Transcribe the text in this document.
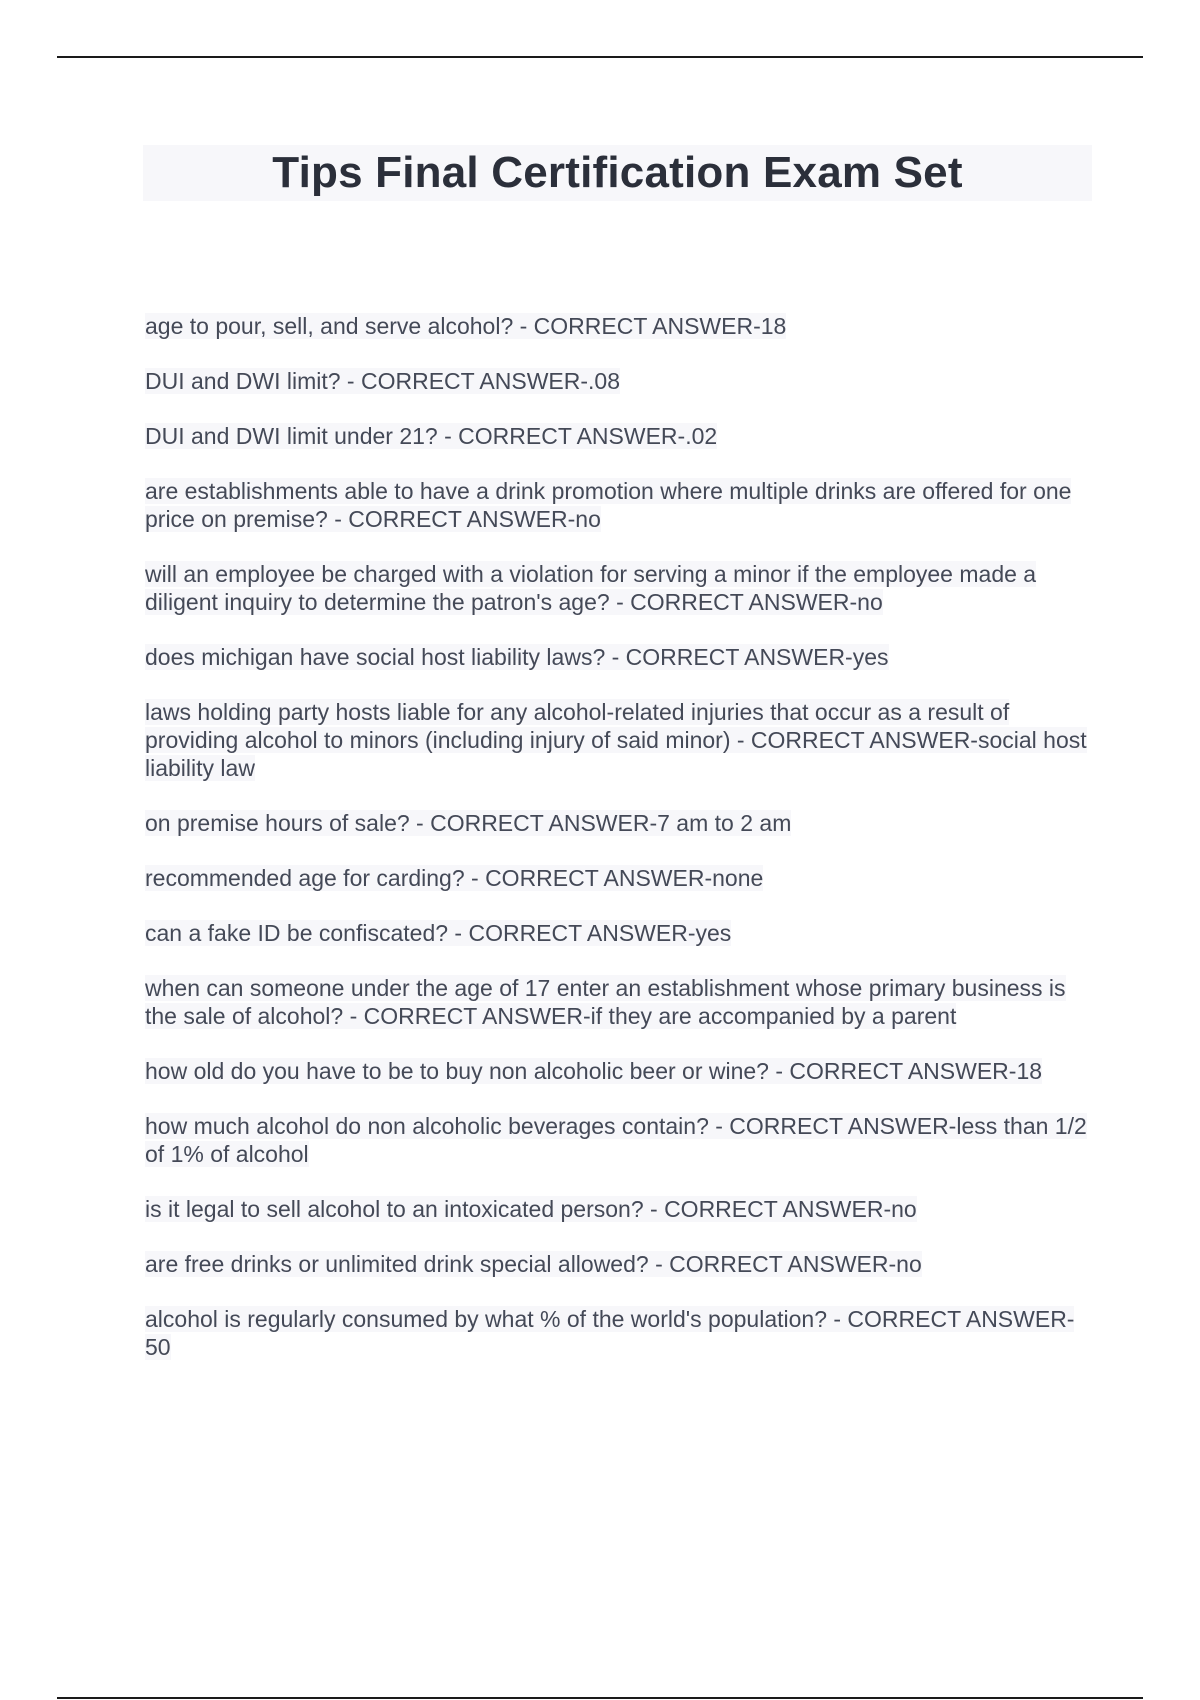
Tips Final Certification Exam Set
age to pour, sell, and serve alcohol? - CORRECT ANSWER-18
DUI and DWI limit? - CORRECT ANSWER-.08
DUI and DWI limit under 21? - CORRECT ANSWER-.02
are establishments able to have a drink promotion where multiple drinks are offered for one price on premise? - CORRECT ANSWER-no
will an employee be charged with a violation for serving a minor if the employee made a diligent inquiry to determine the patron's age? - CORRECT ANSWER-no
does michigan have social host liability laws? - CORRECT ANSWER-yes
laws holding party hosts liable for any alcohol-related injuries that occur as a result of providing alcohol to minors (including injury of said minor) - CORRECT ANSWER-social host liability law
on premise hours of sale? - CORRECT ANSWER-7 am to 2 am
recommended age for carding? - CORRECT ANSWER-none
can a fake ID be confiscated? - CORRECT ANSWER-yes
when can someone under the age of 17 enter an establishment whose primary business is the sale of alcohol? - CORRECT ANSWER-if they are accompanied by a parent
how old do you have to be to buy non alcoholic beer or wine? - CORRECT ANSWER-18
how much alcohol do non alcoholic beverages contain? - CORRECT ANSWER-less than 1/2 of 1% of alcohol
is it legal to sell alcohol to an intoxicated person? - CORRECT ANSWER-no
are free drinks or unlimited drink special allowed? - CORRECT ANSWER-no
alcohol is regularly consumed by what % of the world's population? - CORRECT ANSWER-50
